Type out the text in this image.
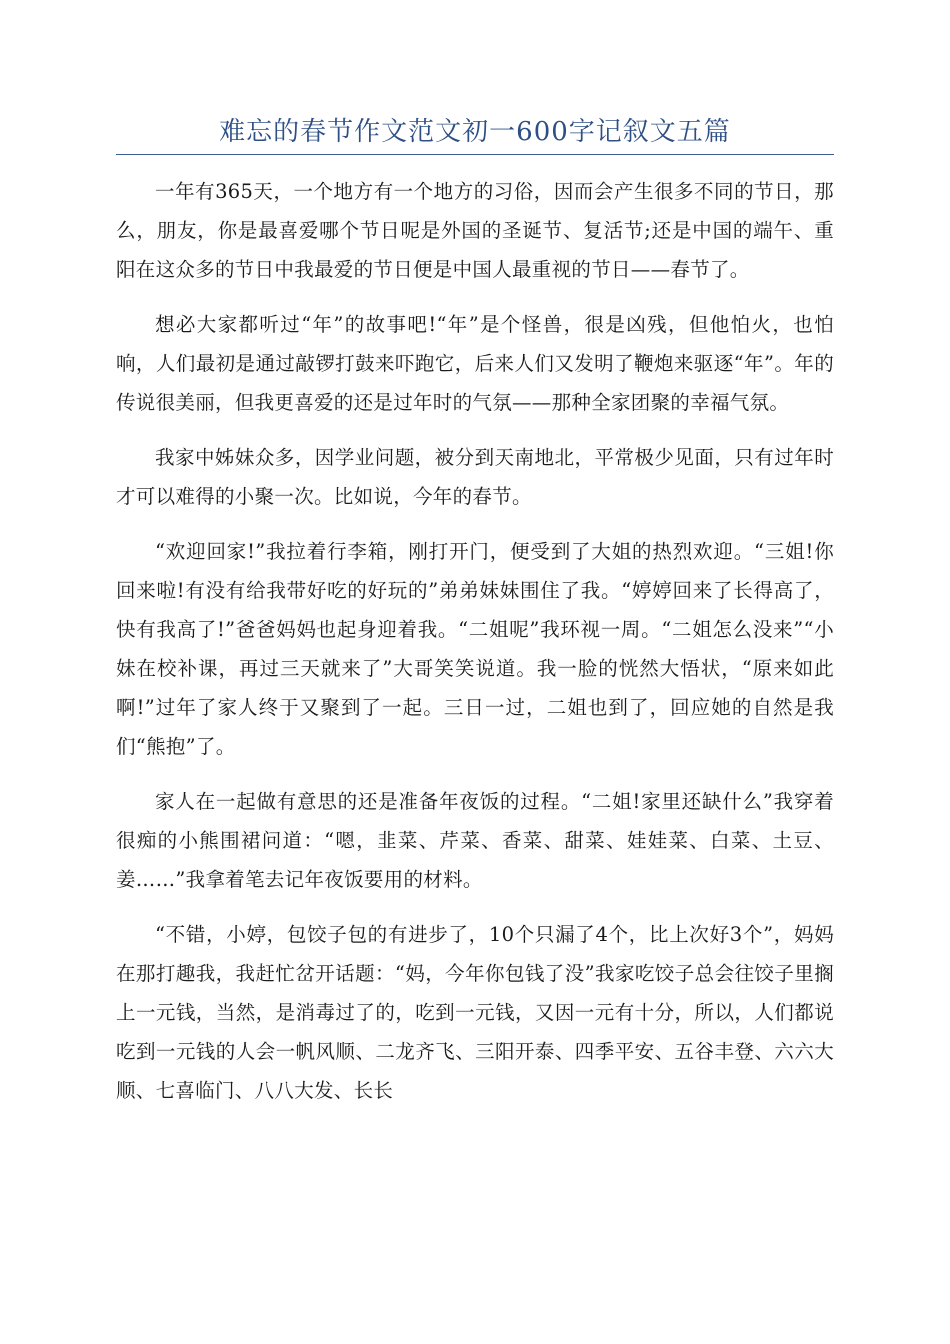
难忘的春节作文范文初一600字记叙文五篇

一年有365天，一个地方有一个地方的习俗，因而会产生很多不同的节日，那么，朋友，你是最喜爱哪个节日呢是外国的圣诞节、复活节;还是中国的端午、重阳在这众多的节日中我最爱的节日便是中国人最重视的节日——春节了。

想必大家都听过“年”的故事吧!“年”是个怪兽，很是凶残，但他怕火，也怕响，人们最初是通过敲锣打鼓来吓跑它，后来人们又发明了鞭炮来驱逐“年”。年的传说很美丽，但我更喜爱的还是过年时的气氛——那种全家团聚的幸福气氛。

我家中姊妹众多，因学业问题，被分到天南地北，平常极少见面，只有过年时才可以难得的小聚一次。比如说，今年的春节。

“欢迎回家!”我拉着行李箱，刚打开门，便受到了大姐的热烈欢迎。“三姐!你回来啦!有没有给我带好吃的好玩的”弟弟妹妹围住了我。“婷婷回来了长得高了，快有我高了!”爸爸妈妈也起身迎着我。“二姐呢”我环视一周。“二姐怎么没来”“小妹在校补课，再过三天就来了”大哥笑笑说道。我一脸的恍然大悟状，“原来如此啊!”过年了家人终于又聚到了一起。三日一过，二姐也到了，回应她的自然是我们“熊抱”了。

家人在一起做有意思的还是准备年夜饭的过程。“二姐!家里还缺什么”我穿着很痴的小熊围裙问道：“嗯，韭菜、芹菜、香菜、甜菜、娃娃菜、白菜、土豆、姜……”我拿着笔去记年夜饭要用的材料。

“不错，小婷，包饺子包的有进步了，10个只漏了4个，比上次好3个”，妈妈在那打趣我，我赶忙岔开话题：“妈，今年你包钱了没”我家吃饺子总会往饺子里搁上一元钱，当然，是消毒过了的，吃到一元钱，又因一元有十分，所以，人们都说吃到一元钱的人会一帆风顺、二龙齐飞、三阳开泰、四季平安、五谷丰登、六六大顺、七喜临门、八八大发、长长
